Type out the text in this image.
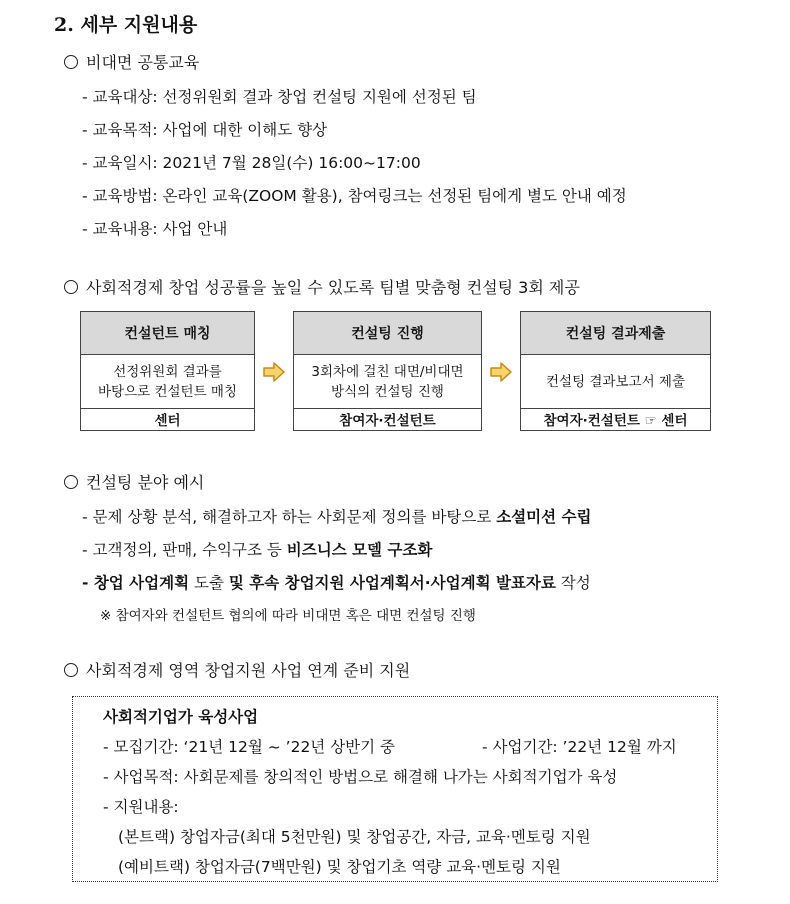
2. 세부 지원내용
비대면 공통교육
- 교육대상: 선정위원회 결과 창업 컨설팅 지원에 선정된 팀
- 교육목적: 사업에 대한 이해도 향상
- 교육일시: 2021년 7월 28일(수) 16:00~17:00
- 교육방법: 온라인 교육(ZOOM 활용), 참여링크는 선정된 팀에게 별도 안내 예정
- 교육내용: 사업 안내
사회적경제 창업 성공률을 높일 수 있도록 팀별 맞춤형 컨설팅 3회 제공
컨설턴트 매칭
선정위원회 결과를
바탕으로 컨설턴트 매칭
센터
컨설팅 진행
3회차에 걸친 대면/비대면
방식의 컨설팅 진행
참여자·컨설턴트
컨설팅 결과제출
컨설팅 결과보고서 제출
참여자·컨설턴트 ☞ 센터
컨설팅 분야 예시
- 문제 상황 분석, 해결하고자 하는 사회문제 정의를 바탕으로 소셜미션 수립
- 고객정의, 판매, 수익구조 등 비즈니스 모델 구조화
- 창업 사업계획 도출 및 후속 창업지원 사업계획서·사업계획 발표자료 작성
※ 참여자와 컨설턴트 협의에 따라 비대면 혹은 대면 컨설팅 진행
사회적경제 영역 창업지원 사업 연계 준비 지원
사회적기업가 육성사업
- 모집기간: ‘21년 12월 ~ ’22년 상반기 중	- 사업기간: ’22년 12월 까지
- 사업목적: 사회문제를 창의적인 방법으로 해결해 나가는 사회적기업가 육성
- 지원내용:
(본트랙) 창업자금(최대 5천만원) 및 창업공간, 자금, 교육·멘토링 지원
(예비트랙) 창업자금(7백만원) 및 창업기초 역량 교육·멘토링 지원
